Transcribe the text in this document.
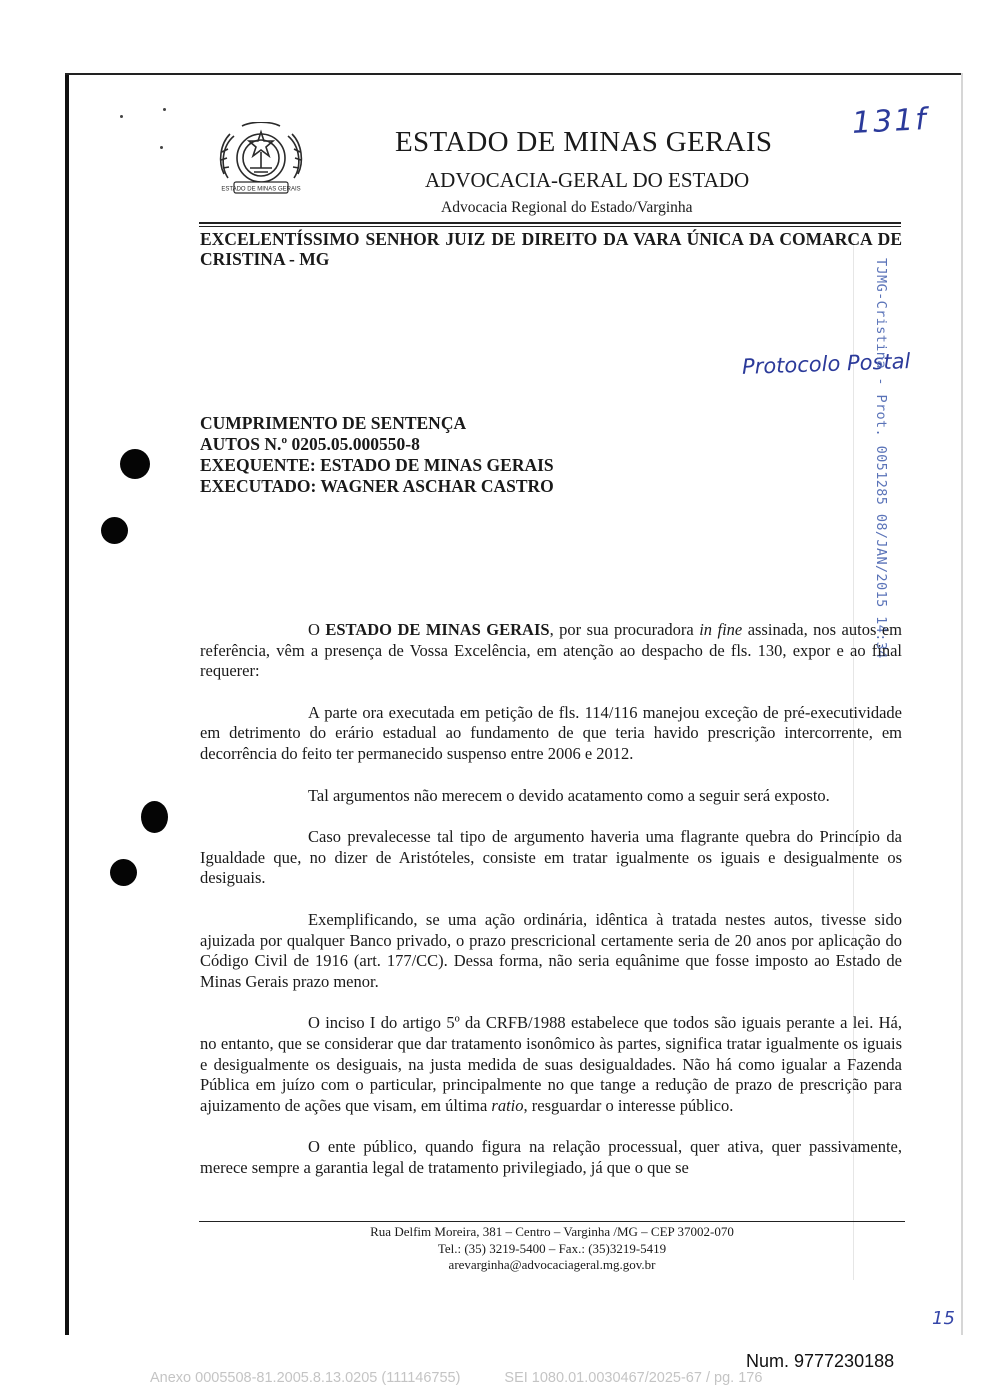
ESTADO DE MINAS GERAIS
ESTADO DE MINAS GERAIS
ADVOCACIA-GERAL DO ESTADO
Advocacia Regional do Estado/Varginha
131f
Protocolo Postal
15
TJMG-Cristina - Prot. 0051285 08/JAN/2015 14:34
EXCELENTÍSSIMO SENHOR JUIZ DE DIREITO DA VARA ÚNICA DA COMARCA DE CRISTINA - MG
CUMPRIMENTO DE SENTENÇA
AUTOS N.º 0205.05.000550-8
EXEQUENTE: ESTADO DE MINAS GERAIS
EXECUTADO: WAGNER ASCHAR CASTRO

O ESTADO DE MINAS GERAIS, por sua procuradora in fine assinada, nos autos em referência, vêm a presença de Vossa Excelência, em atenção ao despacho de fls. 130, expor e ao final requerer:

A parte ora executada em petição de fls. 114/116 manejou exceção de pré-executividade em detrimento do erário estadual ao fundamento de que teria havido prescrição intercorrente, em decorrência do feito ter permanecido suspenso entre 2006 e 2012.

Tal argumentos não merecem o devido acatamento como a seguir será exposto.

Caso prevalecesse tal tipo de argumento haveria uma flagrante quebra do Princípio da Igualdade que, no dizer de Aristóteles, consiste em tratar igualmente os iguais e desigualmente os desiguais.

Exemplificando, se uma ação ordinária, idêntica à tratada nestes autos, tivesse sido ajuizada por qualquer Banco privado, o prazo prescricional certamente seria de 20 anos por aplicação do Código Civil de 1916 (art. 177/CC). Dessa forma, não seria equânime que fosse imposto ao Estado de Minas Gerais prazo menor.

O inciso I do artigo 5º da CRFB/1988 estabelece que todos são iguais perante a lei. Há, no entanto, que se considerar que dar tratamento isonômico às partes, significa tratar igualmente os iguais e desigualmente os desiguais, na justa medida de suas desigualdades. Não há como igualar a Fazenda Pública em juízo com o particular, principalmente no que tange a redução de prazo de prescrição para ajuizamento de ações que visam, em última ratio, resguardar o interesse público.

O ente público, quando figura na relação processual, quer ativa, quer passivamente, merece sempre a garantia legal de tratamento privilegiado, já que o que se

Rua Delfim Moreira, 381 – Centro – Varginha /MG – CEP 37002-070
Tel.: (35) 3219-5400 – Fax.: (35)3219-5419
arevarginha@advocaciageral.mg.gov.br
Num. 9777230188
Anexo 0005508-81.2005.8.13.0205 (111146755)	SEI 1080.01.0030467/2025-67 / pg. 176
